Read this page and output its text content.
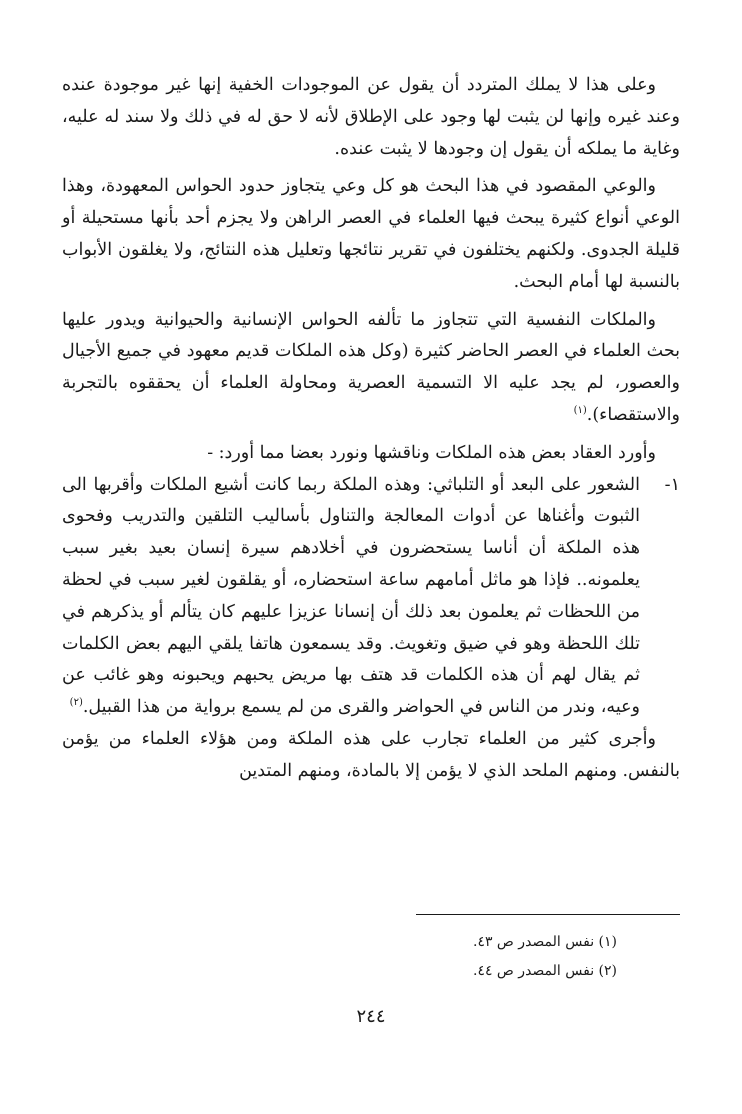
وعلى هذا لا يملك المتردد أن يقول عن الموجودات الخفية إنها غير موجودة عنده وعند غيره وإنها لن يثبت لها وجود على الإطلاق لأنه لا حق له في ذلك ولا سند له عليه، وغاية ما يملكه أن يقول إن وجودها لا يثبت عنده.

والوعي المقصود في هذا البحث هو كل وعي يتجاوز حدود الحواس المعهودة، وهذا الوعي أنواع كثيرة يبحث فيها العلماء في العصر الراهن ولا يجزم أحد بأنها مستحيلة أو قليلة الجدوى. ولكنهم يختلفون في تقرير نتائجها وتعليل هذه النتائج، ولا يغلقون الأبواب بالنسبة لها أمام البحث.

والملكات النفسية التي تتجاوز ما تألفه الحواس الإنسانية والحيوانية ويدور عليها بحث العلماء في العصر الحاضر كثيرة (وكل هذه الملكات قديم معهود في جميع الأجيال والعصور، لم يجد عليه الا التسمية العصرية ومحاولة العلماء أن يحققوه بالتجربة والاستقصاء).$^{(١)}$

وأورد العقاد بعض هذه الملكات وناقشها ونورد بعضا مما أورد: -

١-
الشعور على البعد أو التلباثي: وهذه الملكة ربما كانت أشيع الملكات وأقربها الى الثبوت وأغناها عن أدوات المعالجة والتناول بأساليب التلقين والتدريب وفحوى هذه الملكة أن أناسا يستحضرون في أخلادهم سيرة إنسان بعيد بغير سبب يعلمونه.. فإذا هو ماثل أمامهم ساعة استحضاره، أو يقلقون لغير سبب في لحظة من اللحظات ثم يعلمون بعد ذلك أن إنسانا عزيزا عليهم كان يتألم أو يذكرهم في تلك اللحظة وهو في ضيق وتغويث. وقد يسمعون هاتفا يلقي اليهم بعض الكلمات ثم يقال لهم أن هذه الكلمات قد هتف بها مريض يحبهم ويحبونه وهو غائب عن وعيه، وندر من الناس في الحواضر والقرى من لم يسمع برواية من هذا القبيل.$^{(٢)}$

وأجرى كثير من العلماء تجارب على هذه الملكة ومن هؤلاء العلماء من يؤمن بالنفس. ومنهم الملحد الذي لا يؤمن إلا بالمادة، ومنهم المتدين

(١) نفس المصدر ص ٤٣.

(٢) نفس المصدر ص ٤٤.

٢٤٤
